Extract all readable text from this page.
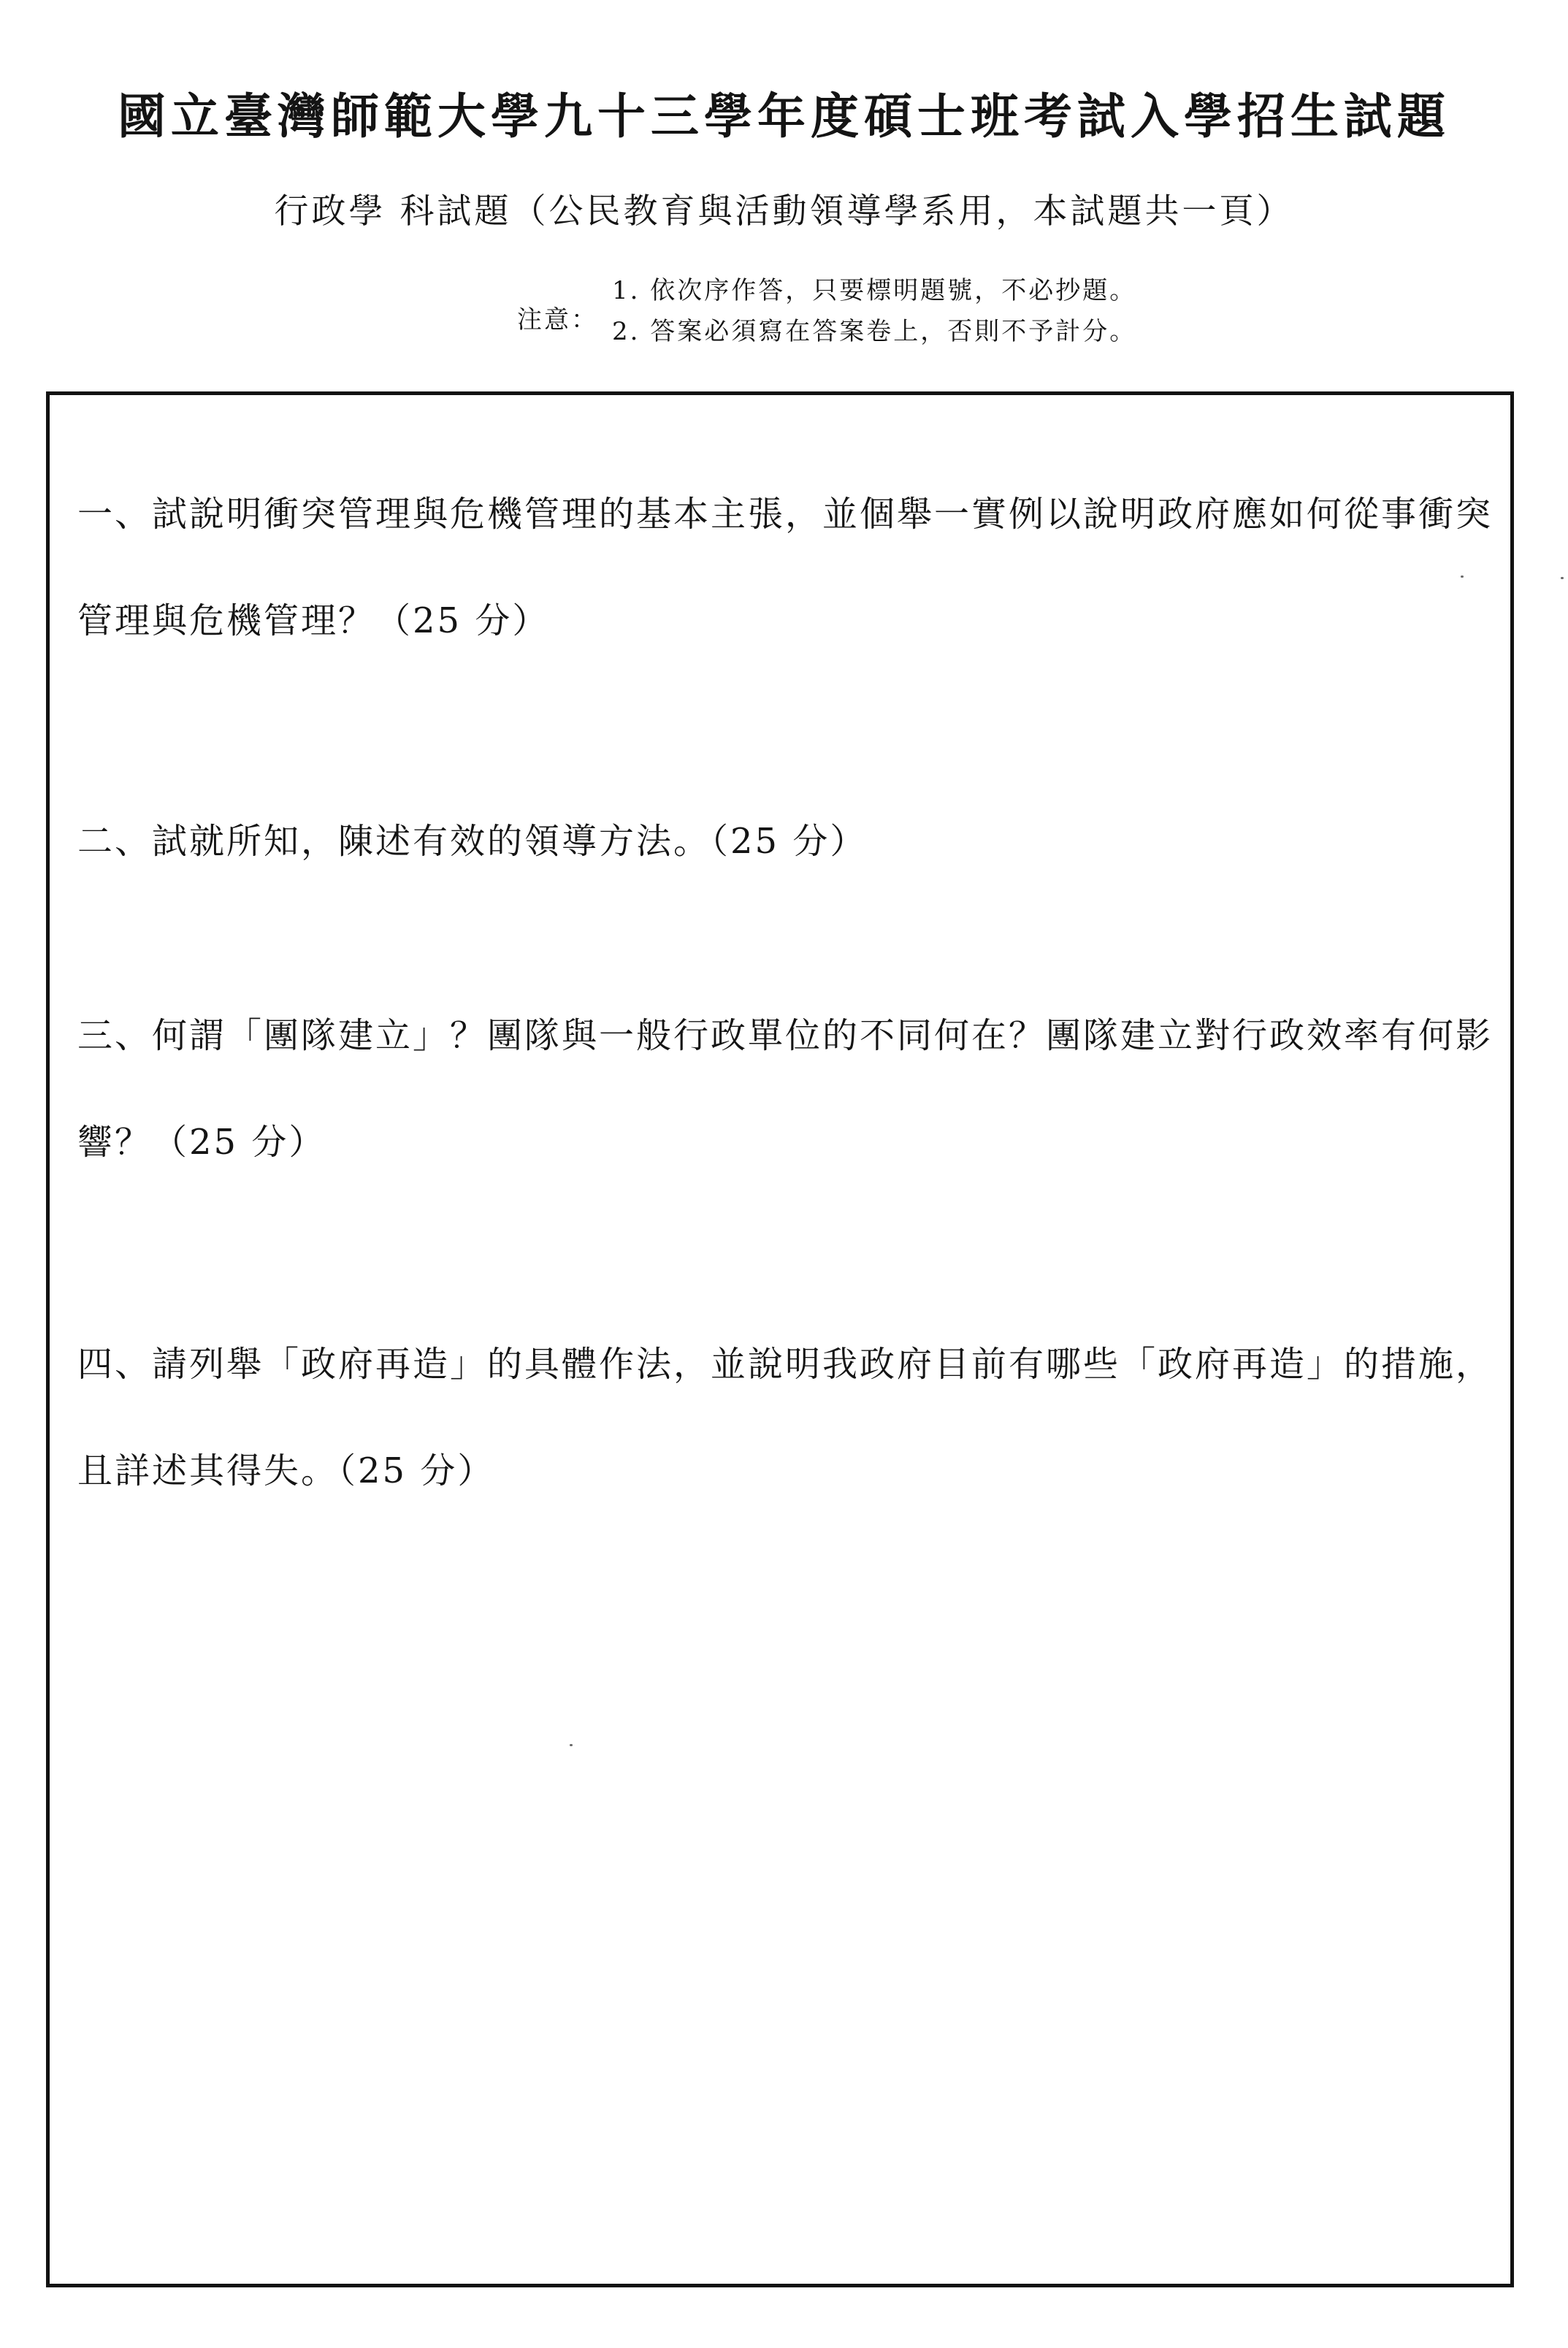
國立臺灣師範大學九十三學年度碩士班考試入學招生試題
行政學 科試題（公民教育與活動領導學系用，本試題共一頁）
注意：
1. 依次序作答，只要標明題號，不必抄題。
2. 答案必須寫在答案卷上，否則不予計分。

一、試說明衝突管理與危機管理的基本主張，並個舉一實例以說明政府應如何從事衝突管理與危機管理？（25 分）

二、試就所知，陳述有效的領導方法。（25 分）

三、何謂「團隊建立」？團隊與一般行政單位的不同何在？團隊建立對行政效率有何影響？（25 分）

四、請列舉「政府再造」的具體作法，並說明我政府目前有哪些「政府再造」的措施，且詳述其得失。（25 分）
